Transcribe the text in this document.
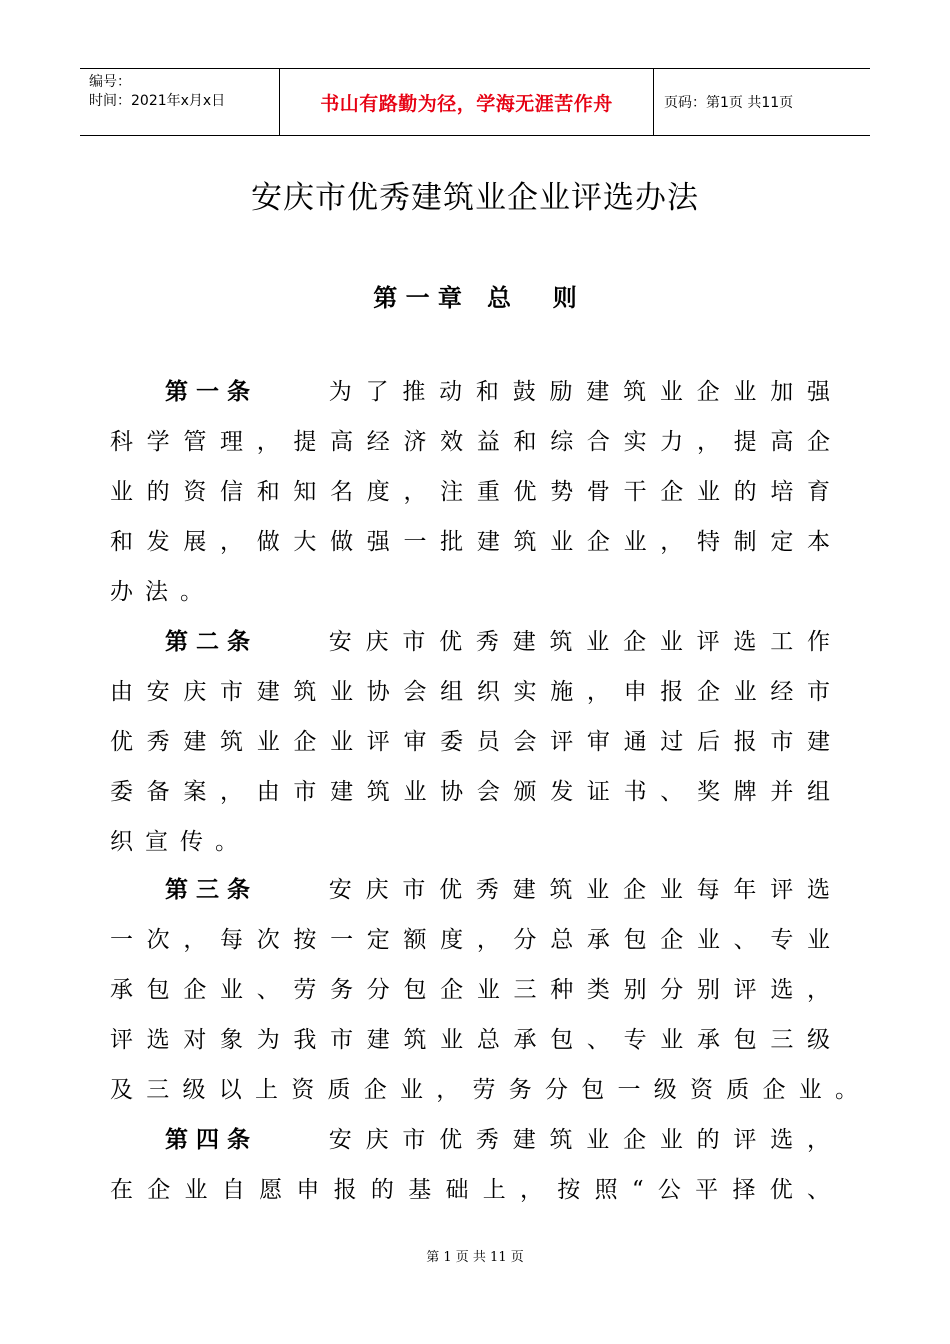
编号：
时间：2021年x月x日	书山有路勤为径，学海无涯苦作舟	页码：第1页 共11页
安庆市优秀建筑业企业评选办法
第 一 章   总     则
第一条 为了推动和鼓励建筑业企业加强
科学管理，提高经济效益和综合实力，提高企
业的资信和知名度，注重优势骨干企业的培育
和发展，做大做强一批建筑业企业，特制定本
办法。
第二条 安庆市优秀建筑业企业评选工作
由安庆市建筑业协会组织实施，申报企业经市
优秀建筑业企业评审委员会评审通过后报市建
委备案，由市建筑业协会颁发证书、奖牌并组
织宣传。
第三条 安庆市优秀建筑业企业每年评选
一次，每次按一定额度，分总承包企业、专业
承包企业、劳务分包企业三种类别分别评选，
评选对象为我市建筑业总承包、专业承包三级
及三级以上资质企业，劳务分包一级资质企业。
第四条 安庆市优秀建筑业企业的评选，
在企业自愿申报的基础上，按照“公平择优、
第 1 页 共 11 页
